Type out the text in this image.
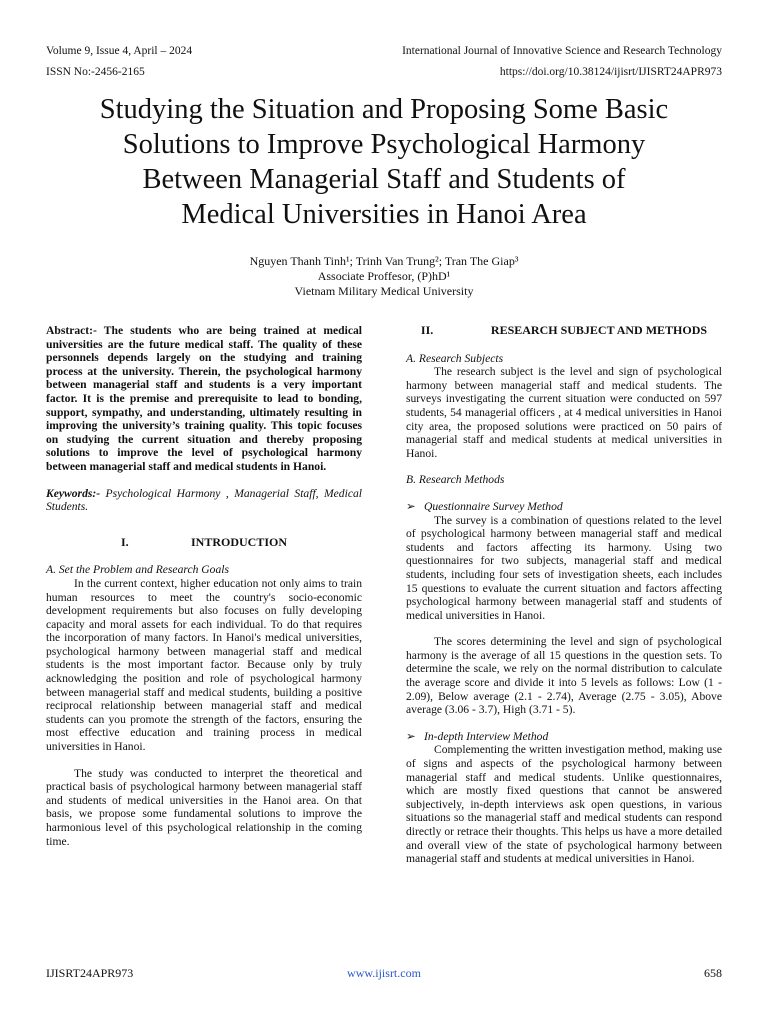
Volume 9, Issue 4, April – 2024	International Journal of Innovative Science and Research Technology
ISSN No:-2456-2165	https://doi.org/10.38124/ijisrt/IJISRT24APR973
Studying the Situation and Proposing Some Basic
Solutions to Improve Psychological Harmony
Between Managerial Staff and Students of
Medical Universities in Hanoi Area
Nguyen Thanh Tinh¹; Trinh Van Trung²; Tran The Giap³
Associate Proffesor, (P)hD¹
Vietnam Military Medical University

Abstract:- The students who are being trained at medical universities are the future medical staff. The quality of these personnels depends largely on the studying and training process at the university. Therein, the psychological harmony between managerial staff and students is a very important factor. It is the premise and prerequisite to lead to bonding, support, sympathy, and understanding, ultimately resulting in improving the university’s training quality. This topic focuses on studying the current situation and thereby proposing solutions to improve the level of psychological harmony between managerial staff and medical students in Hanoi.

Keywords:- Psychological Harmony , Managerial Staff, Medical Students.

I.	INTRODUCTION

A. Set the Problem and Research Goals

In the current context, higher education not only aims to train human resources to meet the country's socio-economic development requirements but also focuses on fully developing capacity and moral assets for each individual. To do that requires the incorporation of many factors. In Hanoi's medical universities, psychological harmony between managerial staff and medical students is the most important factor. Because only by truly acknowledging the position and role of psychological harmony between managerial staff and medical students, building a positive reciprocal relationship between managerial staff and medical students can you promote the strength of the factors, ensuring the most effective education and training process in medical universities in Hanoi.

The study was conducted to interpret the theoretical and practical basis of psychological harmony between managerial staff and students of medical universities in the Hanoi area. On that basis, we propose some fundamental solutions to improve the harmonious level of this psychological relationship in the coming time.

II.	RESEARCH SUBJECT AND METHODS

A. Research Subjects

The research subject is the level and sign of psychological harmony between managerial staff and medical students. The surveys investigating the current situation were conducted on 597 students, 54 managerial officers , at 4 medical universities in Hanoi city area, the proposed solutions were practiced on 50 pairs of managerial staff and medical students at medical universities in Hanoi.

B. Research Methods

➢ Questionnaire Survey Method

The survey is a combination of questions related to the level of psychological harmony between managerial staff and medical students and factors affecting its harmony. Using two questionnaires for two subjects, managerial staff and medical students, including four sets of investigation sheets, each includes 15 questions to evaluate the current situation and factors affecting psychological harmony between managerial staff and students of medical universities in Hanoi.

The scores determining the level and sign of psychological harmony is the average of all 15 questions in the question sets. To determine the scale, we rely on the normal distribution to calculate the average score and divide it into 5 levels as follows: Low (1 - 2.09), Below average (2.1 - 2.74), Average (2.75 - 3.05), Above average (3.06 - 3.7), High (3.71 - 5).

➢ In-depth Interview Method

Complementing the written investigation method, making use of signs and aspects of the psychological harmony between managerial staff and medical students. Unlike questionnaires, which are mostly fixed questions that cannot be answered subjectively, in-depth interviews ask open questions, in various situations so the managerial staff and medical students can respond directly or retrace their thoughts. This helps us have a more detailed and overall view of the state of psychological harmony between managerial staff and students at medical universities in Hanoi.

IJISRT24APR973	www.ijisrt.com	658
